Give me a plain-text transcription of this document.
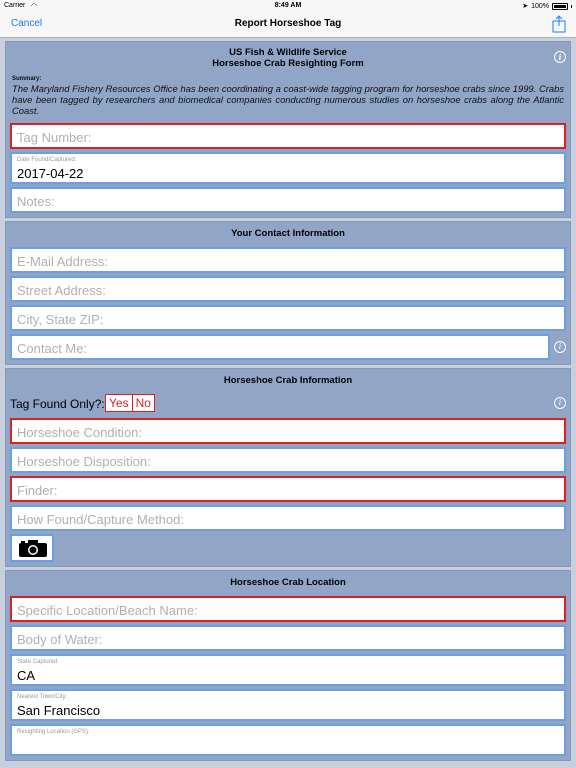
Carrier ◠	8:49 AM	➤ 100%
Cancel	Report Horseshoe Tag
US Fish & Wildlife Service
Horseshoe Crab Resighting Form
i
Summary:
The Maryland Fishery Resources Office has been coordinating a coast-wide tagging program for horseshoe crabs since 1999. Crabs have been tagged by researchers and biomedical companies conducting numerous studies on horseshoe crabs along the Atlantic Coast.
Tag Number:
Date Found/Captured:
2017-04-22
Notes:
Your Contact Information
E-Mail Address:
Street Address:
City, State ZIP:
Contact Me:	i
Horseshoe Crab Information
Tag Found Only?: Yes No	i
Horseshoe Condition:
Horseshoe Disposition:
Finder:
How Found/Capture Method:
Horseshoe Crab Location
Specific Location/Beach Name:
Body of Water:
State Captured:
CA
Nearest Town/City:
San Francisco
Resighting Location (GPS):
